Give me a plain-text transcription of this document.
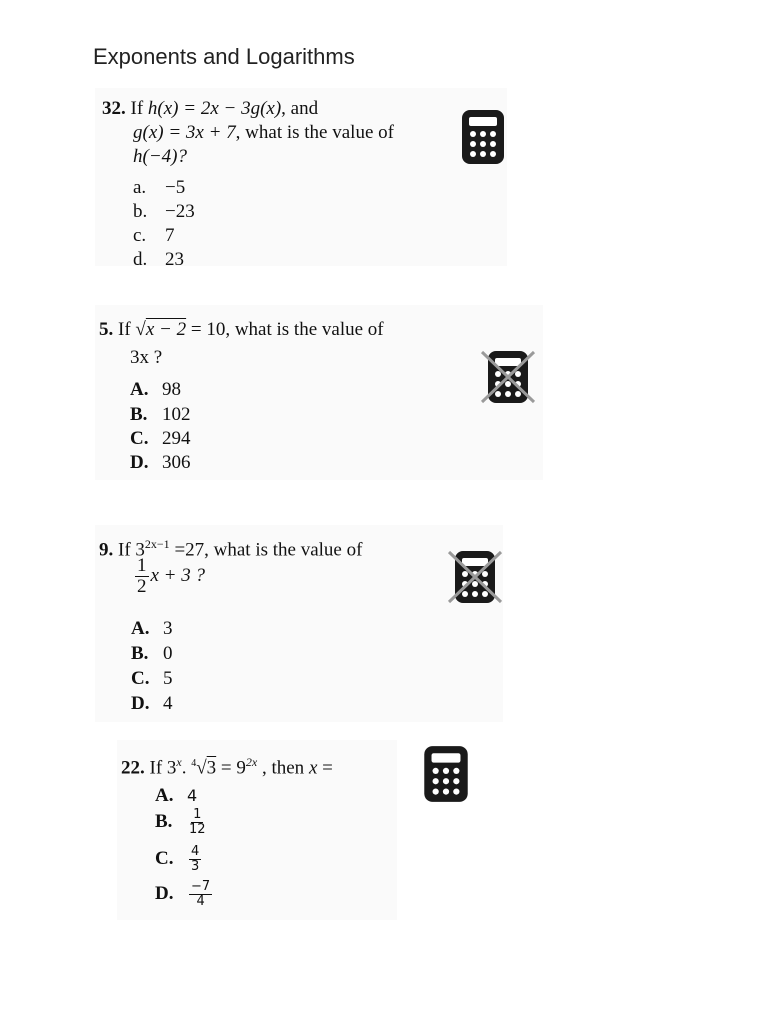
Exponents and Logarithms
32. If h(x) = 2x − 3g(x), and
g(x) = 3x + 7, what is the value of
h(−4)?
a. −5
b. −23
c. 7
d. 23
5. If √x − 2 = 10, what is the value of
3x ?
A. 98
B. 102
C. 294
D. 306
9. If $3^{2x-1} =27$, what is the value of
$\frac{1}{2}$ x + 3 ?
A. 3
B. 0
C. 5
D. 4
22. If 3$^x$. $^4√3 = 9^{2x}$ , then x =
A. 4
B. $\frac{1}{12}$
C. $\frac{4}{3}$
D. $\frac{-7}{4}$
